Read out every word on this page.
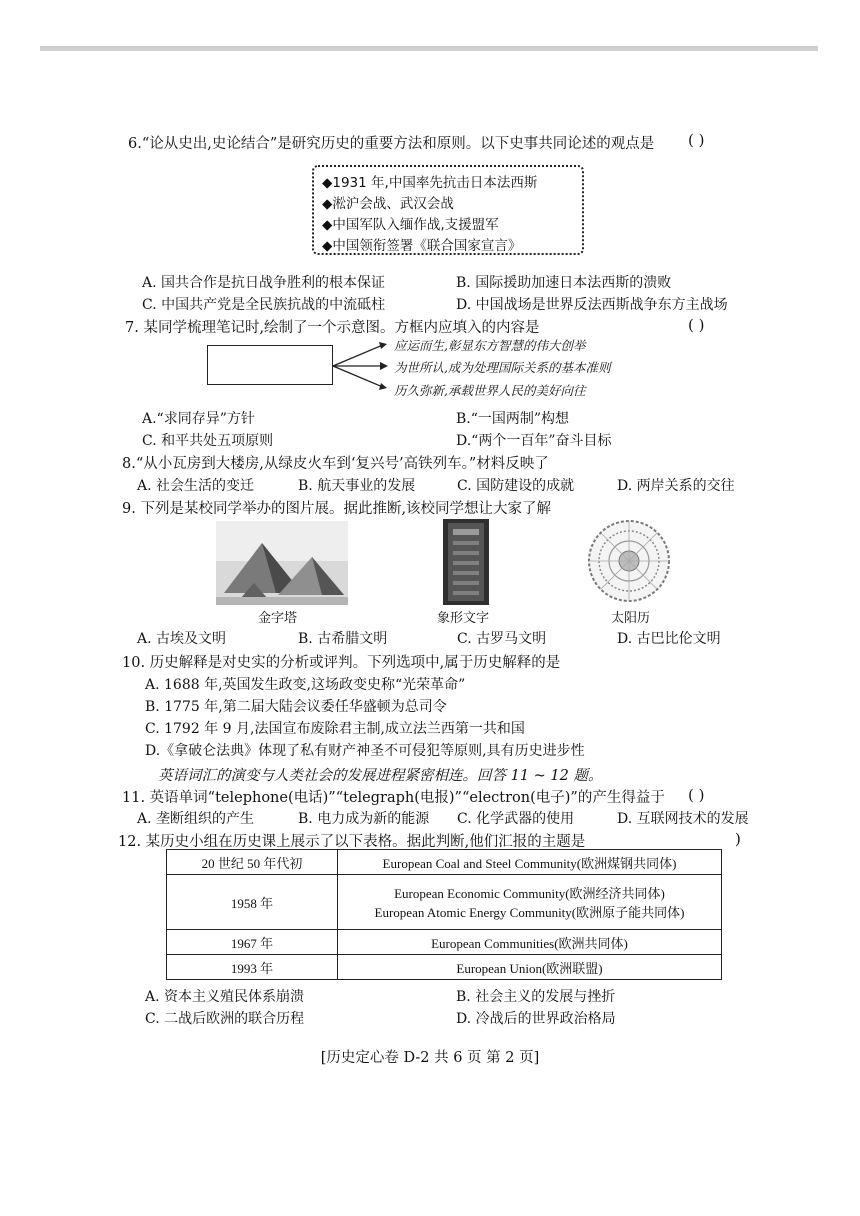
6.“论从史出,史论结合”是研究历史的重要方法和原则。以下史事共同论述的观点是 ( )
◆1931 年,中国率先抗击日本法西斯
◆淞沪会战、武汉会战
◆中国军队入缅作战,支援盟军
◆中国领衔签署《联合国家宣言》
A. 国共合作是抗日战争胜利的根本保证	B. 国际援助加速日本法西斯的溃败
C. 中国共产党是全民族抗战的中流砥柱	D. 中国战场是世界反法西斯战争东方主战场
7. 某同学梳理笔记时,绘制了一个示意图。方框内应填入的内容是	( )
应运而生,彰显东方智慧的伟大创举
为世所认,成为处理国际关系的基本准则
历久弥新,承载世界人民的美好向往
A.“求同存异”方针	B.“一国两制”构想
C. 和平共处五项原则	D.“两个一百年”奋斗目标
8.“从小瓦房到大楼房,从绿皮火车到‘复兴号’高铁列车。”材料反映了
A. 社会生活的变迁	B. 航天事业的发展	C. 国防建设的成就	D. 两岸关系的交往
9. 下列是某校同学举办的图片展。据此推断,该校同学想让大家了解
金字塔	象形文字	太阳历
A. 古埃及文明	B. 古希腊文明	C. 古罗马文明	D. 古巴比伦文明
10. 历史解释是对史实的分析或评判。下列选项中,属于历史解释的是
A. 1688 年,英国发生政变,这场政变史称“光荣革命”
B. 1775 年,第二届大陆会议委任华盛顿为总司令
C. 1792 年 9 月,法国宣布废除君主制,成立法兰西第一共和国
D.《拿破仑法典》体现了私有财产神圣不可侵犯等原则,具有历史进步性
英语词汇的演变与人类社会的发展进程紧密相连。回答 11 ~ 12 题。
11. 英语单词“telephone(电话)”“telegraph(电报)”“electron(电子)”的产生得益于 ( )
A. 垄断组织的产生	B. 电力成为新的能源 C. 化学武器的使用	D. 互联网技术的发展
12. 某历史小组在历史课上展示了以下表格。据此判断,他们汇报的主题是	)
20 世纪 50 年代初	European Coal and Steel Community(欧洲煤钢共同体)
1958 年	European Economic Community(欧洲经济共同体)
European Atomic Energy Community(欧洲原子能共同体)

1967 年	European Communities(欧洲共同体)
1993 年	European Union(欧洲联盟)
A. 资本主义殖民体系崩溃	B. 社会主义的发展与挫折
C. 二战后欧洲的联合历程	D. 冷战后的世界政治格局
[历史定心卷 D-2 共 6 页 第 2 页]
